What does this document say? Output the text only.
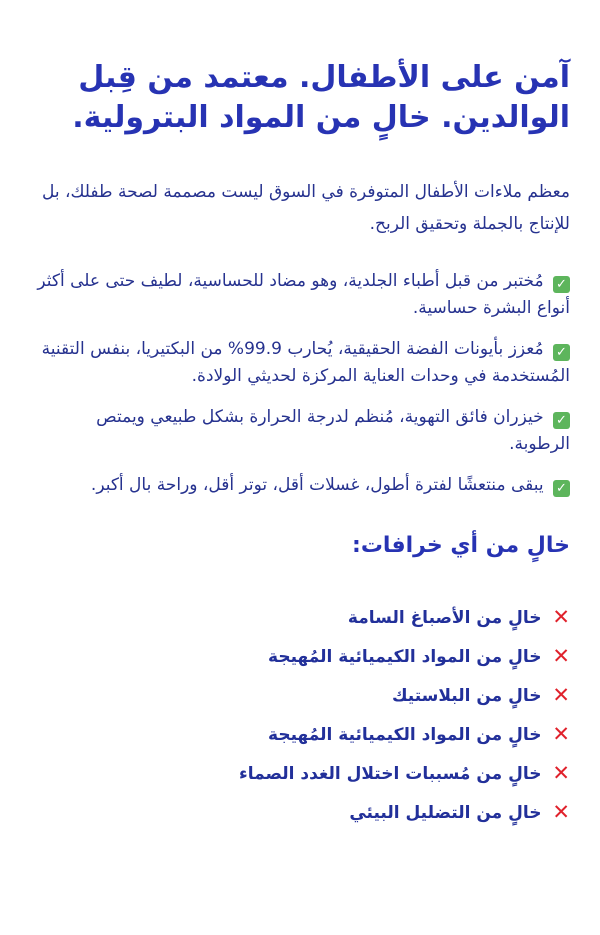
آمن على الأطفال. معتمد من قِبل الوالدين. خالٍ من المواد البترولية.

معظم ملاءات الأطفال المتوفرة في السوق ليست مصممة لصحة طفلك، بل للإنتاج بالجملة وتحقيق الربح.

✓ مُختبر من قبل أطباء الجلدية، وهو مضاد للحساسية، لطيف حتى على أكثر أنواع البشرة حساسية.
✓ مُعزز بأيونات الفضة الحقيقية، يُحارب 99.9% من البكتيريا، بنفس التقنية المُستخدمة في وحدات العناية المركزة لحديثي الولادة.
✓ خيزران فائق التهوية، مُنظم لدرجة الحرارة بشكل طبيعي ويمتص الرطوبة.
✓ يبقى منتعشًا لفترة أطول، غسلات أقل، توتر أقل، وراحة بال أكبر.
خالٍ من أي خرافات:
✕ خالٍ من الأصباغ السامة
✕ خالٍ من المواد الكيميائية المُهيجة
✕ خالٍ من البلاستيك
✕ خالٍ من المواد الكيميائية المُهيجة
✕ خالٍ من مُسببات اختلال الغدد الصماء
✕ خالٍ من التضليل البيئي
